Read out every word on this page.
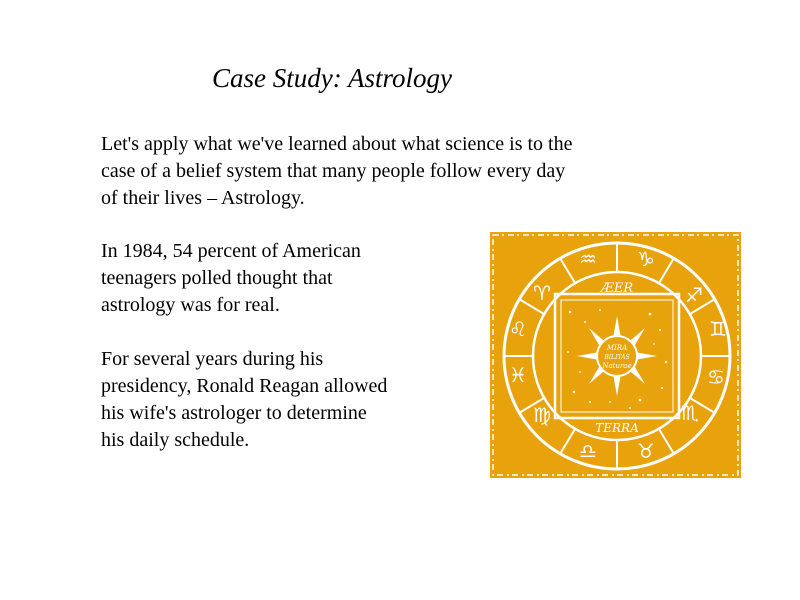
Case Study: Astrology
Let's apply what we've learned about what science is to the
case of a belief system that many people follow every day
of their lives – Astrology.
In 1984, 54 percent of American
teenagers polled thought that
astrology was for real.
For several years during his
presidency, Ronald Reagan allowed
his wife's astrologer to determine
his daily schedule.
♒ ♑
♐
♊
♋
♏
♉
♎
♍
♓
♌
♈	ÆER
TERRA
MIRA
BILITAS
Naturae
